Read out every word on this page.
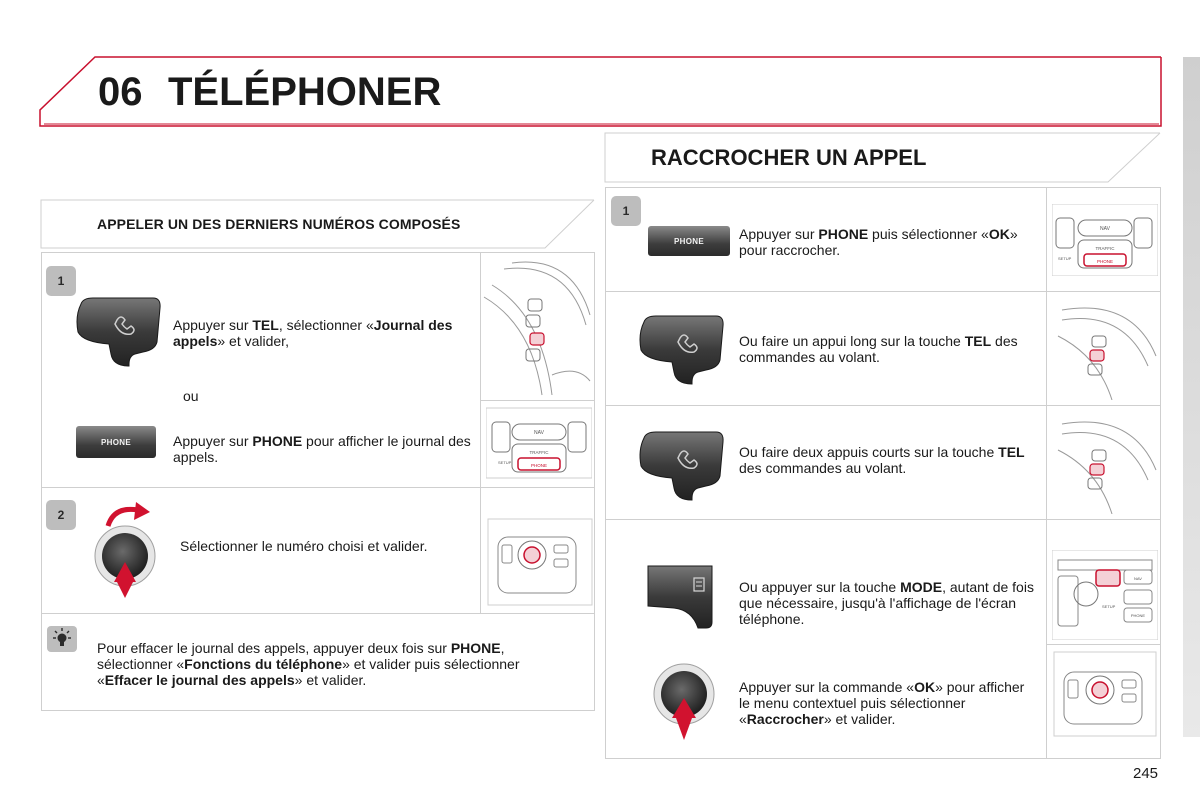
06 TÉLÉPHONER
APPELER UN DES DERNIERS NUMÉROS COMPOSÉS
1
Appuyer sur TEL, sélectionner «Journal des appels» et valider,
ou
PHONE	Appuyer sur PHONE pour afficher le journal des appels.
NAV
TRAFFIC
PHONE
SETUP
2
Sélectionner le numéro choisi et valider.
Pour effacer le journal des appels, appuyer deux fois sur PHONE, sélectionner «Fonctions du téléphone» et valider puis sélectionner «Effacer le journal des appels» et valider.
RACCROCHER UN APPEL
1
PHONE	Appuyer sur PHONE puis sélectionner «OK» pour raccrocher.
NAV
TRAFFIC
PHONE
SETUP
Ou faire un appui long sur la touche TEL des commandes au volant.
Ou faire deux appuis courts sur la touche TEL des commandes au volant.
Ou appuyer sur la touche MODE, autant de fois que nécessaire, jusqu'à l'affichage de l'écran téléphone.
SETUP
NAV
PHONE
Appuyer sur la commande «OK» pour afficher le menu contextuel puis sélectionner «Raccrocher» et valider.
245
